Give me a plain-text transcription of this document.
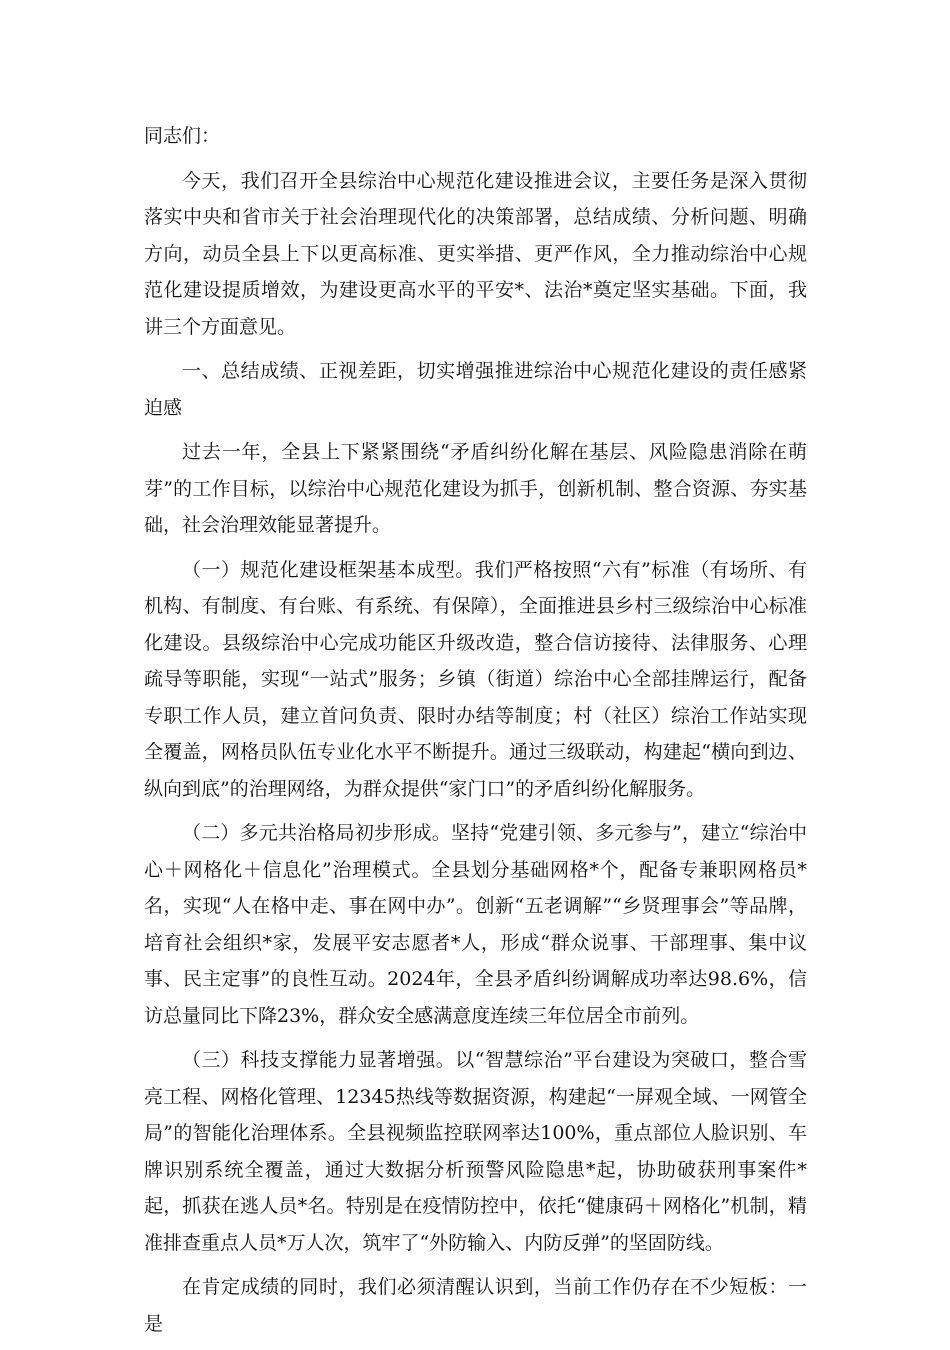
同志们：

今天，我们召开全县综治中心规范化建设推进会议，主要任务是深入贯彻落实中央和省市关于社会治理现代化的决策部署，总结成绩、分析问题、明确方向，动员全县上下以更高标准、更实举措、更严作风，全力推动综治中心规范化建设提质增效，为建设更高水平的平安*、法治*奠定坚实基础。下面，我讲三个方面意见。

一、总结成绩、正视差距，切实增强推进综治中心规范化建设的责任感紧迫感

过去一年，全县上下紧紧围绕“矛盾纠纷化解在基层、风险隐患消除在萌芽”的工作目标，以综治中心规范化建设为抓手，创新机制、整合资源、夯实基础，社会治理效能显著提升。

（一）规范化建设框架基本成型。我们严格按照“六有”标准（有场所、有机构、有制度、有台账、有系统、有保障），全面推进县乡村三级综治中心标准化建设。县级综治中心完成功能区升级改造，整合信访接待、法律服务、心理疏导等职能，实现“一站式”服务；乡镇（街道）综治中心全部挂牌运行，配备专职工作人员，建立首问负责、限时办结等制度；村（社区）综治工作站实现全覆盖，网格员队伍专业化水平不断提升。通过三级联动，构建起“横向到边、纵向到底”的治理网络，为群众提供“家门口”的矛盾纠纷化解服务。

（二）多元共治格局初步形成。坚持“党建引领、多元参与”，建立“综治中心＋网格化＋信息化”治理模式。全县划分基础网格*个，配备专兼职网格员*名，实现“人在格中走、事在网中办”。创新“五老调解”“乡贤理事会”等品牌，培育社会组织*家，发展平安志愿者*人，形成“群众说事、干部理事、集中议事、民主定事”的良性互动。2024年，全县矛盾纠纷调解成功率达98.6%，信访总量同比下降23%，群众安全感满意度连续三年位居全市前列。

（三）科技支撑能力显著增强。以“智慧综治”平台建设为突破口，整合雪亮工程、网格化管理、12345热线等数据资源，构建起“一屏观全域、一网管全局”的智能化治理体系。全县视频监控联网率达100%，重点部位人脸识别、车牌识别系统全覆盖，通过大数据分析预警风险隐患*起，协助破获刑事案件*起，抓获在逃人员*名。特别是在疫情防控中，依托“健康码＋网格化”机制，精准排查重点人员*万人次，筑牢了“外防输入、内防反弹”的坚固防线。

在肯定成绩的同时，我们必须清醒认识到，当前工作仍存在不少短板：一是
